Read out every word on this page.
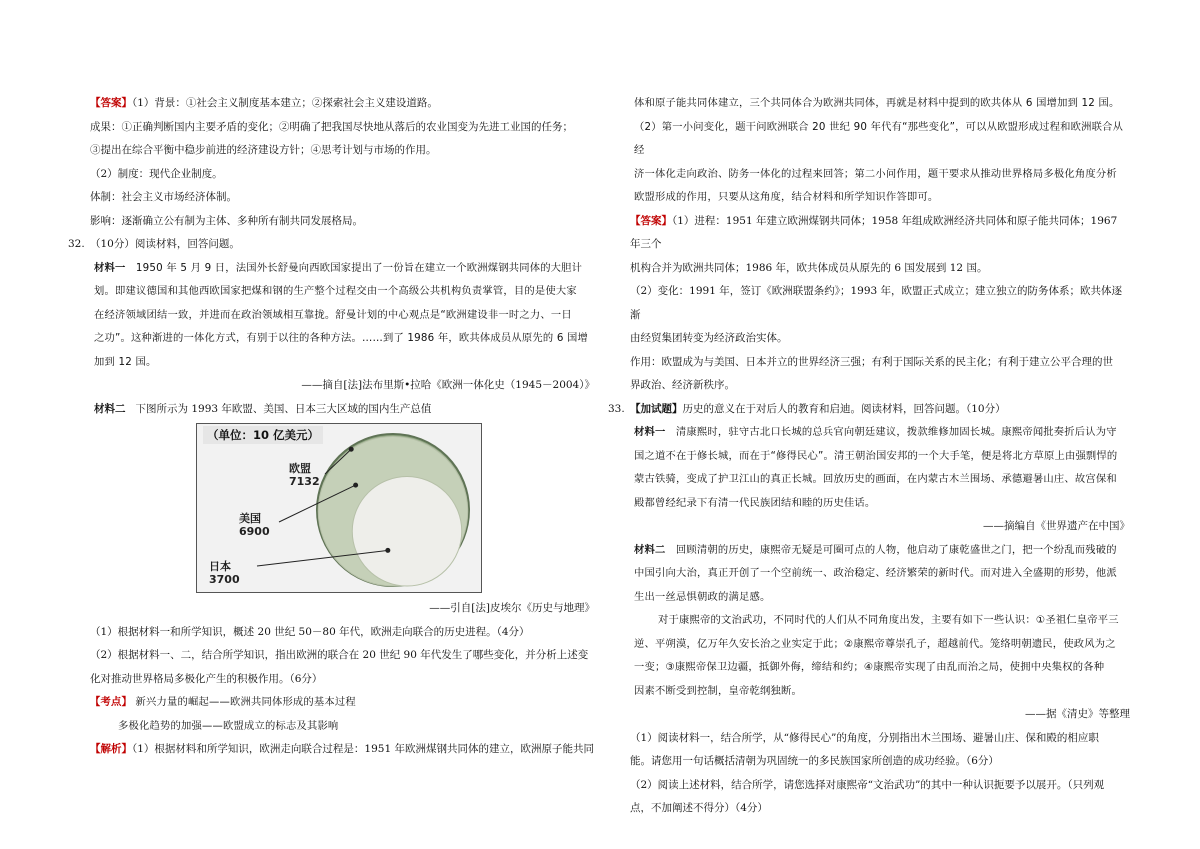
【答案】（1）背景：①社会主义制度基本建立；②探索社会主义建设道路。

成果：①正确判断国内主要矛盾的变化；②明确了把我国尽快地从落后的农业国变为先进工业国的任务；

③提出在综合平衡中稳步前进的经济建设方针；④思考计划与市场的作用。

（2）制度：现代企业制度。

体制：社会主义市场经济体制。

影响：逐渐确立公有制为主体、多种所有制共同发展格局。

32. （10分）阅读材料，回答问题。

材料一 1950 年 5 月 9 日，法国外长舒曼向西欧国家提出了一份旨在建立一个欧洲煤钢共同体的大胆计

划。即建议德国和其他西欧国家把煤和钢的生产整个过程交由一个高级公共机构负责掌管，目的是使大家

在经济领域团结一致，并进而在政治领域相互靠拢。舒曼计划的中心观点是“欧洲建设非一时之力、一日

之功”。这种渐进的一体化方式，有别于以往的各种方法。……到了 1986 年，欧共体成员从原先的 6 国增

加到 12 国。

——摘自[法]法布里斯•拉哈《欧洲一体化史（1945－2004）》

材料二 下图所示为 1993 年欧盟、美国、日本三大区域的国内生产总值

（单位：10 亿美元）
欧盟
7132
美国
6900
日本
3700

——引自[法]皮埃尔《历史与地理》

（1）根据材料一和所学知识，概述 20 世纪 50－80 年代，欧洲走向联合的历史进程。（4分）

（2）根据材料一、二，结合所学知识，指出欧洲的联合在 20 世纪 90 年代发生了哪些变化，并分析上述变

化对推动世界格局多极化产生的积极作用。（6分）

【考点】 新兴力量的崛起——欧洲共同体形成的基本过程

多极化趋势的加强——欧盟成立的标志及其影响

【解析】（1）根据材料和所学知识，欧洲走向联合过程是：1951 年欧洲煤钢共同体的建立，欧洲原子能共同

体和原子能共同体建立，三个共同体合为欧洲共同体，再就是材料中提到的欧共体从 6 国增加到 12 国。

（2）第一小问变化，题干问欧洲联合 20 世纪 90 年代有“那些变化”，可以从欧盟形成过程和欧洲联合从经

济一体化走向政治、防务一体化的过程来回答；第二小问作用，题干要求从推动世界格局多极化角度分析

欧盟形成的作用，只要从这角度，结合材料和所学知识作答即可。

【答案】（1）进程：1951 年建立欧洲煤钢共同体；1958 年组成欧洲经济共同体和原子能共同体；1967 年三个

机构合并为欧洲共同体；1986 年，欧共体成员从原先的 6 国发展到 12 国。

（2）变化：1991 年，签订《欧洲联盟条约》；1993 年，欧盟正式成立；建立独立的防务体系；欧共体逐渐

由经贸集团转变为经济政治实体。

作用：欧盟成为与美国、日本并立的世界经济三强；有利于国际关系的民主化；有利于建立公平合理的世

界政治、经济新秩序。

33. 【加试题】历史的意义在于对后人的教育和启迪。阅读材料，回答问题。（10分）

材料一 清康熙时，驻守古北口长城的总兵官向朝廷建议，拨款维修加固长城。康熙帝闻批奏折后认为守

国之道不在于修长城，而在于“修得民心”。清王朝治国安邦的一个大手笔，便是将北方草原上由强剽悍的

蒙古铁骑，变成了护卫江山的真正长城。回放历史的画面，在内蒙古木兰围场、承德避暑山庄、故宫保和

殿都曾经纪录下有清一代民族团结和睦的历史佳话。

——摘编自《世界遗产在中国》

材料二 回顾清朝的历史，康熙帝无疑是可圈可点的人物，他启动了康乾盛世之门，把一个纷乱而残破的

中国引向大治，真正开创了一个空前统一、政治稳定、经济繁荣的新时代。而对进入全盛期的形势，他派

生出一丝忌惧朝政的满足感。

对于康熙帝的文治武功，不同时代的人们从不同角度出发，主要有如下一些认识：①圣祖仁皇帝平三

逆、平朔漠，亿万年久安长治之业实定于此；②康熙帝尊崇孔子，超越前代。笼络明朝遗民，使政风为之

一变；③康熙帝保卫边疆，抵御外侮，缔结和约；④康熙帝实现了由乱而治之局，使拥中央集权的各种

因素不断受到控制，皇帝乾纲独断。

——据《清史》等整理

（1）阅读材料一，结合所学，从“修得民心”的角度，分别指出木兰围场、避暑山庄、保和殿的相应职

能。请您用一句话概括清朝为巩固统一的多民族国家所创造的成功经验。（6分）

（2）阅读上述材料，结合所学，请您选择对康熙帝“文治武功”的其中一种认识扼要予以展开。（只列观

点，不加阐述不得分）（4分）
